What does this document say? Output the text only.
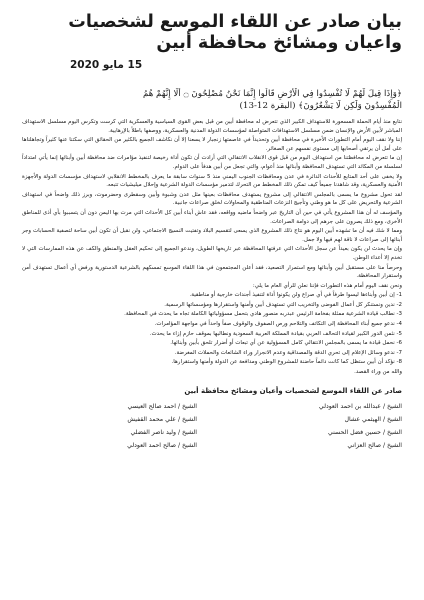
بيان صادر عن اللقاء الموسع لشخصيات
واعيان ومشائخ محافظة أبين
15 مايو 2020
﴿وَإِذَا قِيلَ لَهُمْ لَا تُفْسِدُوا فِي الْأَرْضِ قَالُوا إِنَّمَا نَحْنُ مُصْلِحُونَ ۝ أَلَا إِنَّهُمْ هُمُ
الْمُفْسِدُونَ وَلَٰكِن لَّا يَشْعُرُونَ﴾ (البقرة 12-13)

نتابع منذ أيام الحملة المسعورة للاستهداف الكبير الذي تتعرض له محافظة أبين من قبل بعض القوى السياسية والعسكرية التي كرست وتكرس اليوم مسلسل الاستهداف المباشر لأبين الأرض والإنسان ضمن مسلسل الاستهدافات المتواصلة لمؤسسات الدولة المدنية والعسكرية، ووصفها باطلاً بالإرهابية.

إننا ولا نقف اليوم أمام التطورات الأخيرة في محافظة أبين وتحديداً في عاصمتها زنجبار لا يسعنا إلا أن نكاشف الجميع بالكثير من الحقائق التي سكتنا عنها كثيراً وتجاهلناها على أمل أن يرتقي أصحابها إلى مستوى نفسهم عن الصغائر.

إن ما تتعرض له محافظتنا من استهداف اليوم من قبل قوى الانقلاب الانتقالي التي أرادت أن تكون أداة رخيصة لتنفيذ مؤامرات ضد محافظة أبين وأبنائها إنما يأتي امتداداً لسلسلة من المكائد التي تستهدف المحافظة وأبنائها منذ أعوام، والتي تجعل من أبين هدفاً على الدوام.

ولا يخفى على أحد المتابع للأحداث الدائرة في عدن ومحافظات الجنوب اليمني منذ 5 سنوات سابقة ما يعرف بالمخطط الانقلابي لاستهداف مؤسسات الدولة والأجهزة الأمنية والعسكرية، وقد شاهدنا جميعاً كيف تمكن ذلك المخطط من التحرك لتدمير مؤسسات الدولة الشرعية وإحلال ميليشيات تتبعه.

لقد تحول مشروع ما يسمى بالمجلس الانتقالي إلى مشروع يستهدف محافظات بعينها مثل عدن وشبوة وأبين وسقطرى وحضرموت، وبرز ذلك واضحاً في استهداف الشرعية والتحريض على كل ما هو وطني وتأجيج النزعات المناطقية والمحاولات لخلق صراعات جانبية.

والمؤسف له أن هذا المشروع يأتي في حين أن التاريخ عبر واضحاً ماضيه وواقعه، فقد عاش أبناء أبين كل الأحداث التي مرت بها اليمن دون أن يتسببوا بأي أذى للمناطق الأخرى، ومع ذلك يصرون على جرهم إلى دوامة الصراعات.

ومما لا شك فيه أن ما تشهده أبين اليوم هو نتاج ذلك المشروع الذي يسعى لتقسيم البلاد وتفتيت النسيج الاجتماعي، ولن نقبل أن تكون أبين ساحة لتصفية الحسابات وجر أبنائها إلى صراعات لا ناقة لهم فيها ولا جمل.

وإن ما يحدث لن يكون بعيداً عن سجل الأحداث التي عرفتها المحافظة عبر تاريخها الطويل، وندعو الجميع إلى تحكيم العقل والمنطق والكف عن هذه الممارسات التي لا تخدم إلا أعداء الوطن.

وحرصاً منا على مستقبل أبين وأبنائها ومع استمرار التصعيد، فقد أعلن المجتمعون في هذا اللقاء الموسع تمسكهم بالشرعية الدستورية ورفض أي أعمال تستهدف أمن واستقرار المحافظة.

ونحن نقف اليوم أمام هذه التطورات فإننا نعلن للرأي العام ما يلي:

1- إن أبين وأبناءها ليسوا طرفاً في أي صراع ولن يكونوا أداة لتنفيذ أجندات خارجية أو مناطقية.

2- ندين ونستنكر كل أعمال الفوضى والتخريب التي تستهدف أبين وأمنها واستقرارها ومؤسساتها الرسمية.

3- نطالب قيادة الشرعية ممثلة بفخامة الرئيس عبدربه منصور هادي بتحمل مسؤولياتها الكاملة تجاه ما يحدث في المحافظة.

4- ندعو جميع أبناء المحافظة إلى التكاتف والتلاحم ورص الصفوف والوقوف صفاً واحداً في مواجهة المؤامرات.

5- نثمن الدور الكبير لقيادة التحالف العربي بقيادة المملكة العربية السعودية ونطالبها بموقف حازم إزاء ما يحدث.

6- نحمل قيادة ما يسمى بالمجلس الانتقالي كامل المسؤولية عن أي تبعات أو أضرار تلحق بأبين وأبنائها.

7- ندعو وسائل الإعلام إلى تحري الدقة والمصداقية وعدم الانجرار وراء الشائعات والحملات المغرضة.

8- نؤكد أن أبين ستظل كما كانت دائماً حاضنة للمشروع الوطني ومدافعة عن الدولة وأمنها واستقرارها.

والله من وراء القصد.

صادر عن اللقاء الموسع لشخصيات وأعيان ومشائخ محافظة أبين
الشيخ / عبدالله بن احمد العودلي
الشيخ / احمد صالح العيسي
الشيخ / الهيثمي عشال
الشيخ / علي محمد القفيش
الشيخ / حسين فضل الحسني
الشيخ / وليد ناصر الفضلي
الشيخ / صالح العزاني
الشيخ / صالح احمد العودلي
